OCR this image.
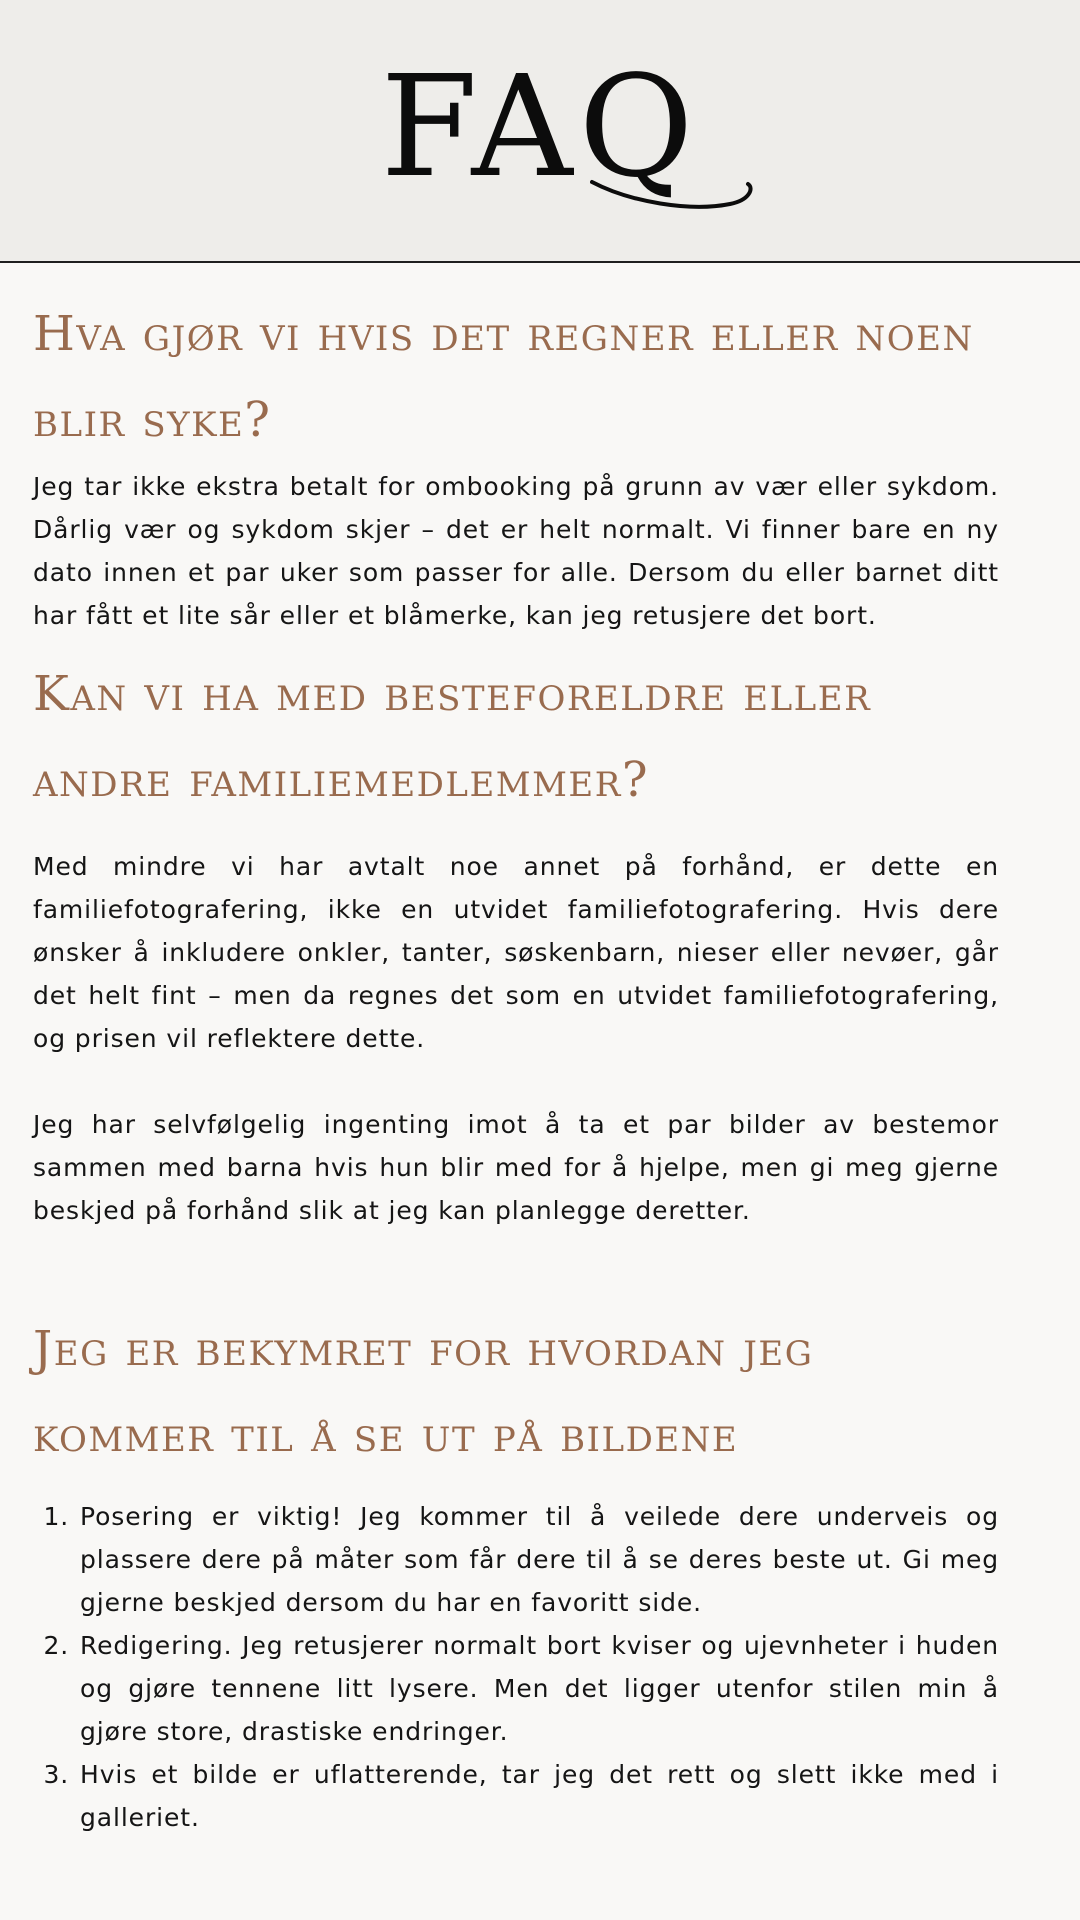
FAQ
Hva gjør vi hvis det regner eller noen blir syke?

Jeg tar ikke ekstra betalt for ombooking på grunn av vær eller sykdom. Dårlig vær og sykdom skjer – det er helt normalt. Vi finner bare en ny dato innen et par uker som passer for alle. Dersom du eller barnet ditt har fått et lite sår eller et blåmerke, kan jeg retusjere det bort.

Kan vi ha med besteforeldre eller andre familiemedlemmer?

Med mindre vi har avtalt noe annet på forhånd, er dette en familiefotografering, ikke en utvidet familiefotografering. Hvis dere ønsker å inkludere onkler, tanter, søskenbarn, nieser eller nevøer, går det helt fint – men da regnes det som en utvidet familiefotografering, og prisen vil reflektere dette.

Jeg har selvfølgelig ingenting imot å ta et par bilder av bestemor sammen med barna hvis hun blir med for å hjelpe, men gi meg gjerne beskjed på forhånd slik at jeg kan planlegge deretter.

Jeg er bekymret for hvordan jeg kommer til å se ut på bildene
1. Posering er viktig! Jeg kommer til å veilede dere underveis og plassere dere på måter som får dere til å se deres beste ut. Gi meg gjerne beskjed dersom du har en favoritt side.
2. Redigering. Jeg retusjerer normalt bort kviser og ujevnheter i huden og gjøre tennene litt lysere. Men det ligger utenfor stilen min å gjøre store, drastiske endringer.
3. Hvis et bilde er uflatterende, tar jeg det rett og slett ikke med i galleriet.
